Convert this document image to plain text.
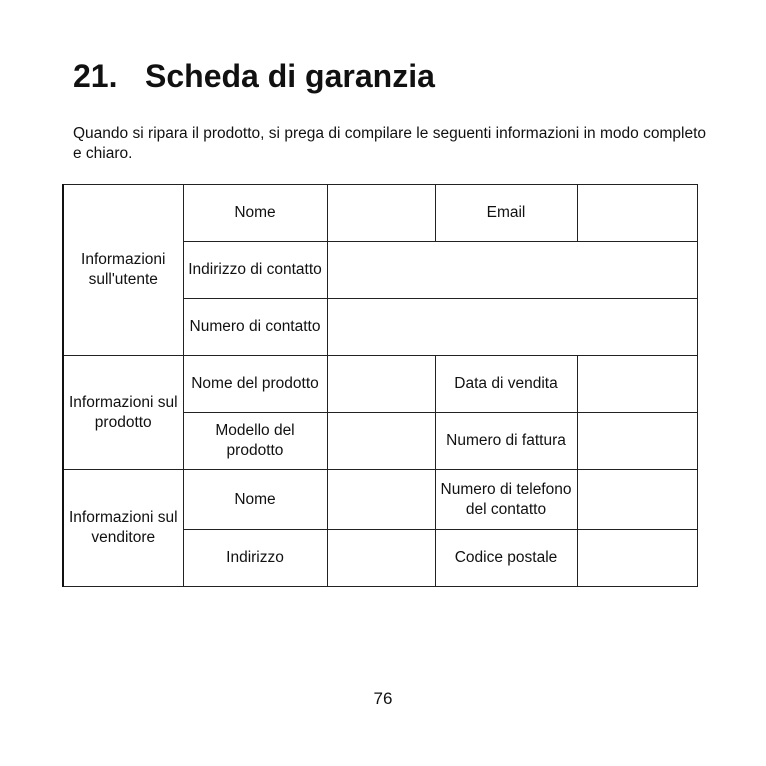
21. Scheda di garanzia

Quando si ripara il prodotto, si prega di compilare le seguenti informazioni in modo completo e chiaro.

Informazioni sull'utente	Nome		Email	
	Indirizzo di contatto			
	Numero di contatto			
Informazioni sul prodotto	Nome del prodotto		Data di vendita	
	Modello del prodotto		Numero di fattura	
Informazioni sul venditore	Nome		Numero di telefono del contatto	
	Indirizzo		Codice postale	
76
